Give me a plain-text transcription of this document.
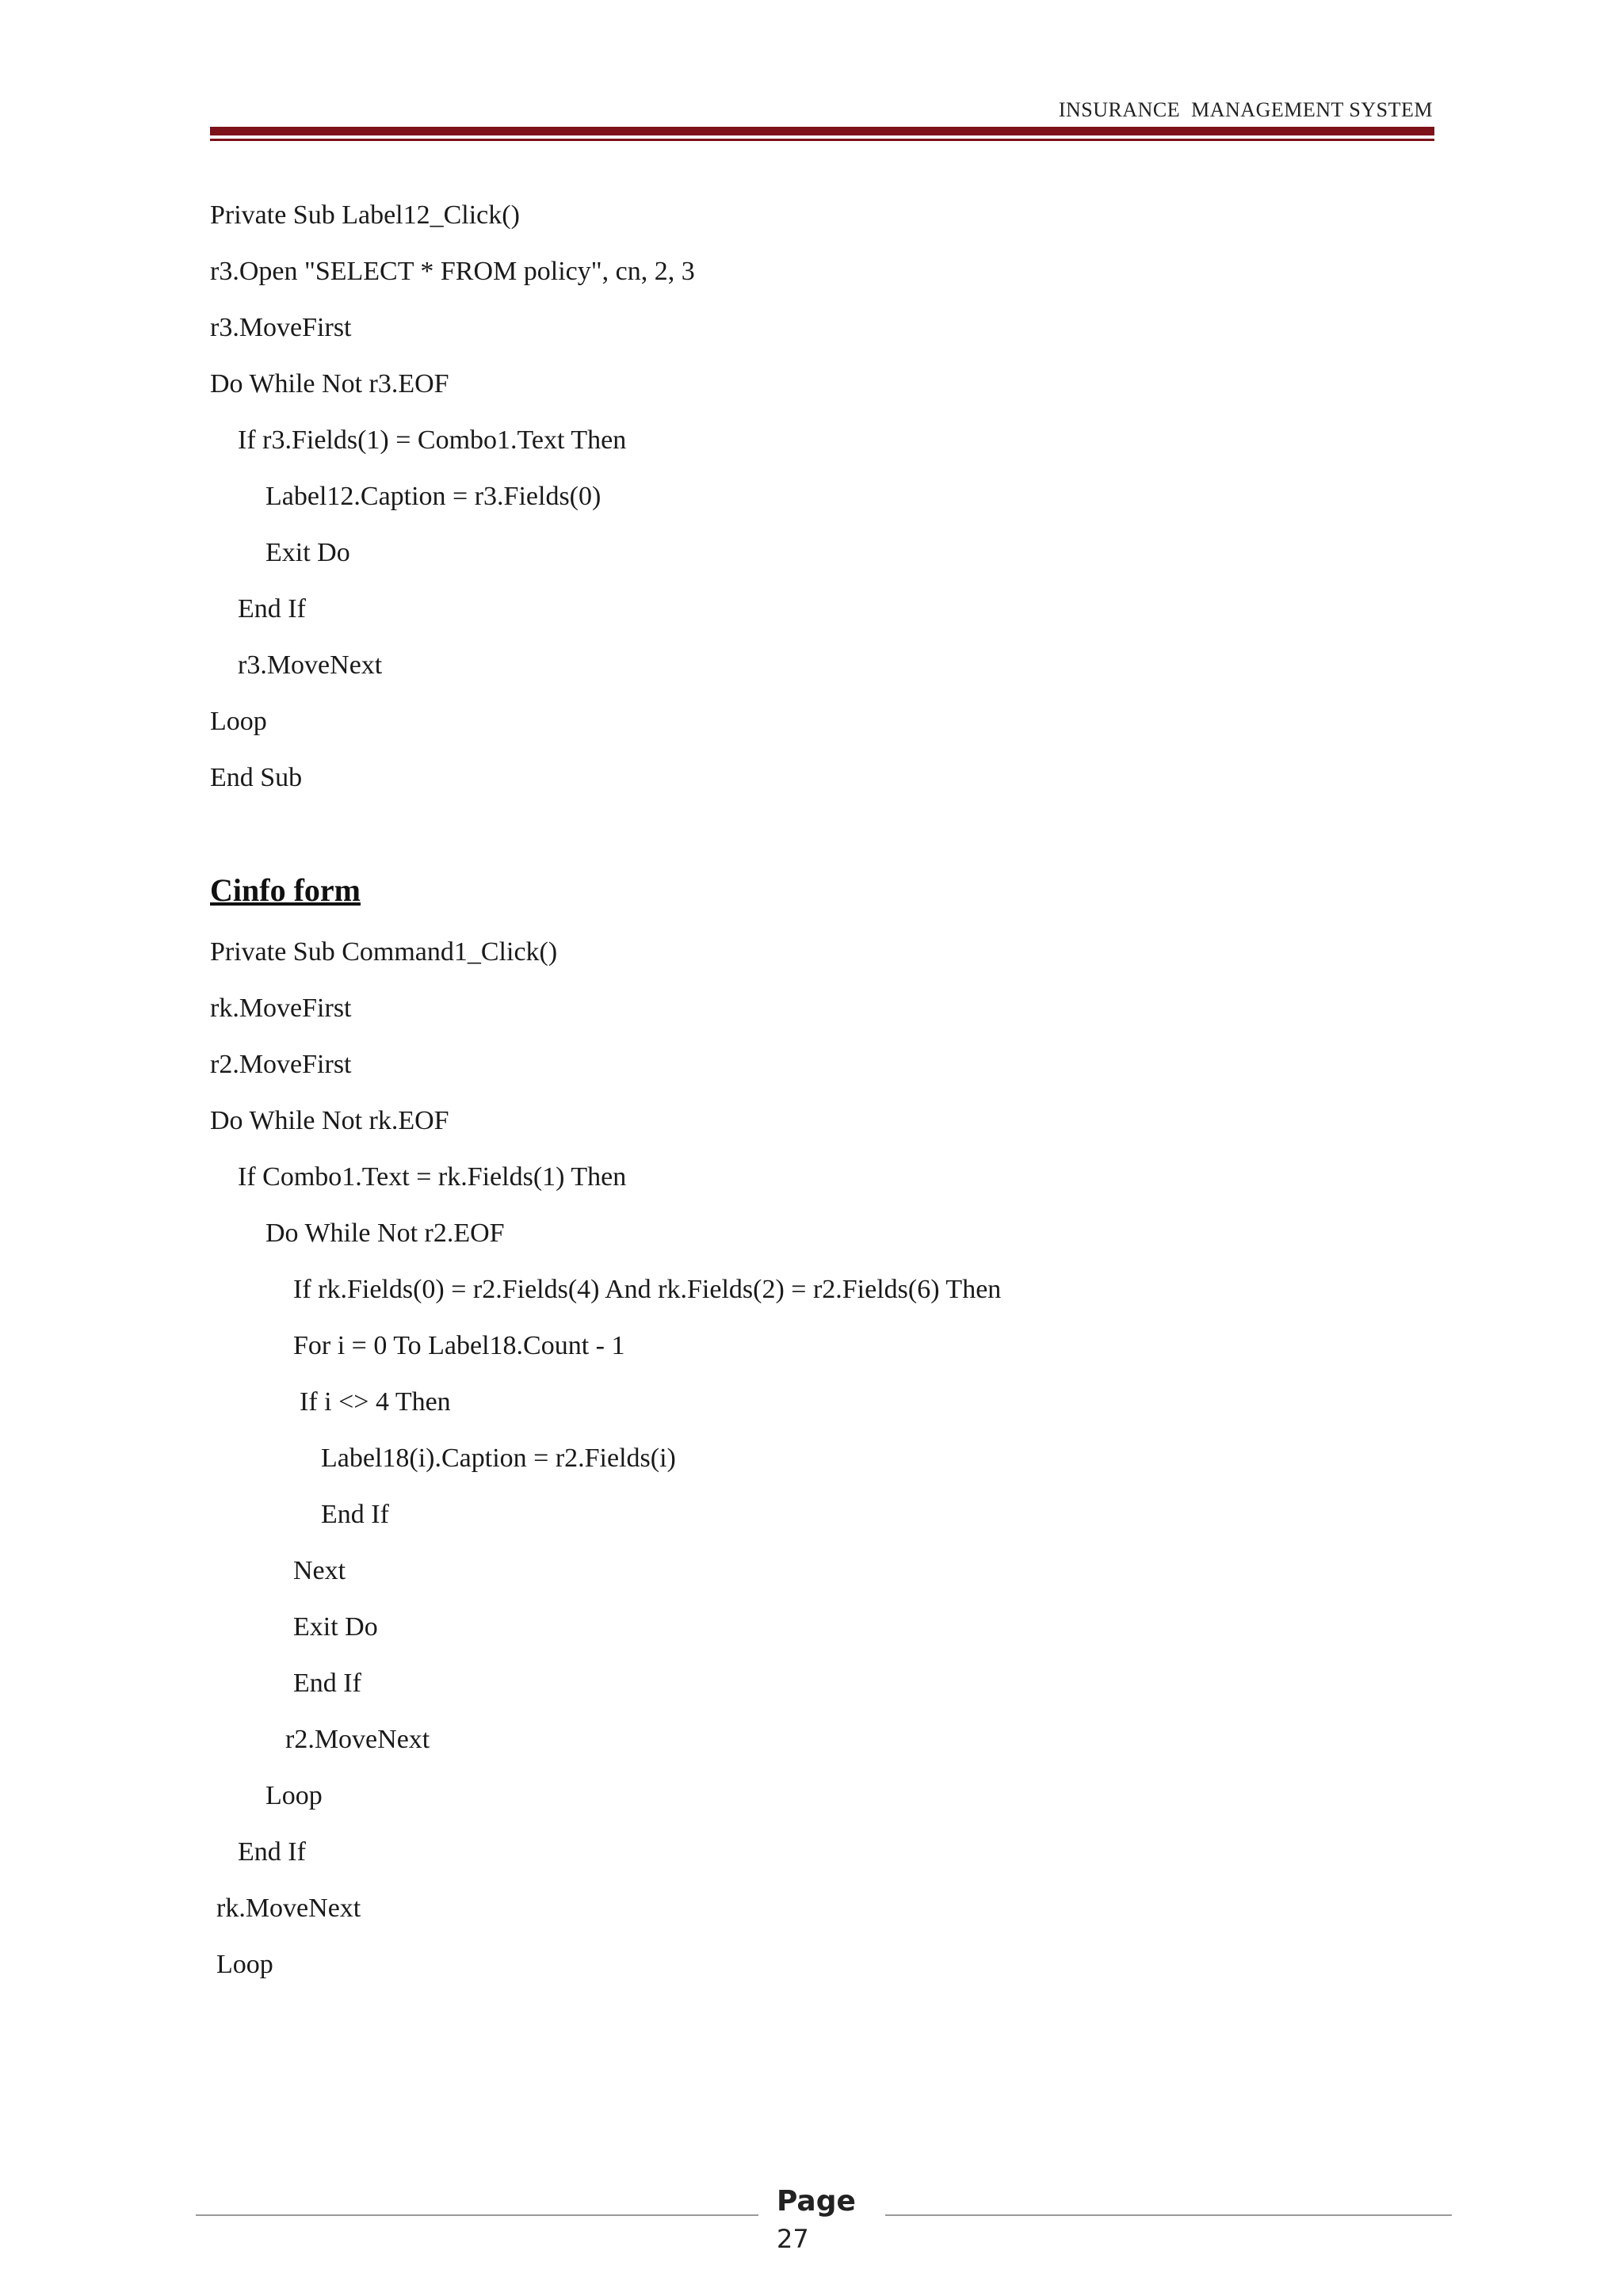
INSURANCE  MANAGEMENT SYSTEM
Private Sub Label12_Click()
r3.Open "SELECT * FROM policy", cn, 2, 3
r3.MoveFirst
Do While Not r3.EOF
If r3.Fields(1) = Combo1.Text Then
Label12.Caption = r3.Fields(0)
Exit Do
End If
r3.MoveNext
Loop
End Sub
Cinfo form
Private Sub Command1_Click()
rk.MoveFirst
r2.MoveFirst
Do While Not rk.EOF
If Combo1.Text = rk.Fields(1) Then
Do While Not r2.EOF
If rk.Fields(0) = r2.Fields(4) And rk.Fields(2) = r2.Fields(6) Then
For i = 0 To Label18.Count - 1
If i <> 4 Then
Label18(i).Caption = r2.Fields(i)
End If
Next
Exit Do
End If
r2.MoveNext
Loop
End If
rk.MoveNext
Loop
Page
27
